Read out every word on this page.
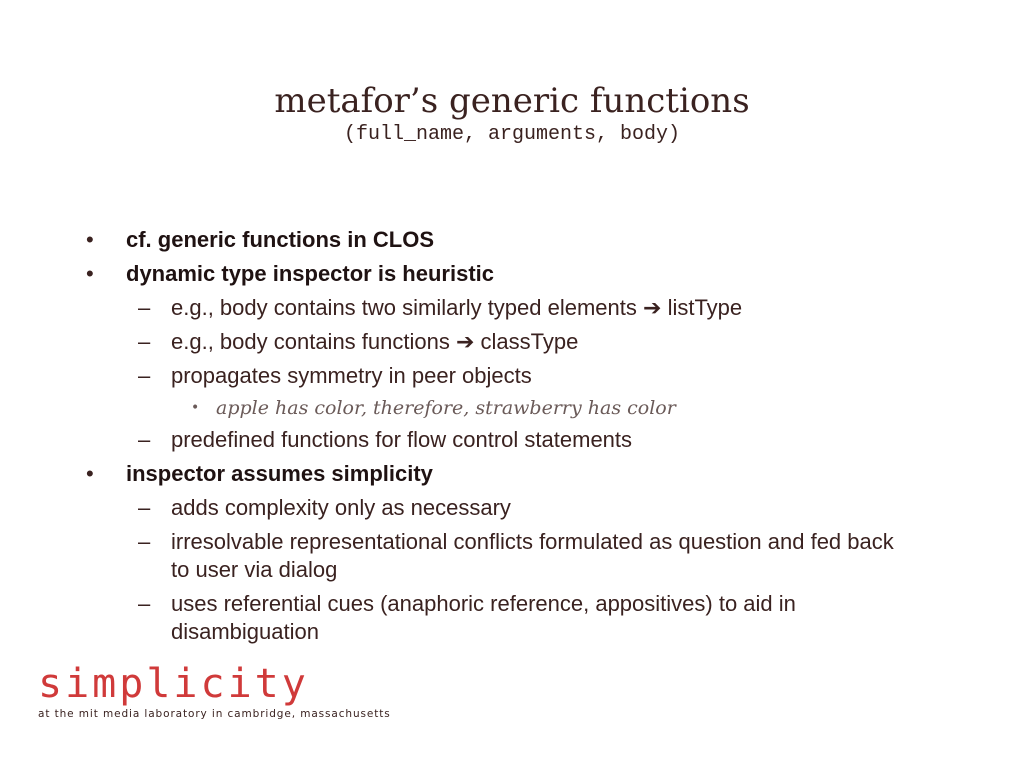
metafor’s generic functions
(full_name, arguments, body)
• cf. generic functions in CLOS
• dynamic type inspector is heuristic
– e.g., body contains two similarly typed elements ➔ listType
– e.g., body contains functions ➔ classType
– propagates symmetry in peer objects
• apple has color, therefore, strawberry has color
– predefined functions for flow control statements
• inspector assumes simplicity
– adds complexity only as necessary
– irresolvable representational conflicts formulated as question and fed back to user via dialog
– uses referential cues (anaphoric reference, appositives) to aid in disambiguation
simplicity
at the mit media laboratory in cambridge, massachusetts
